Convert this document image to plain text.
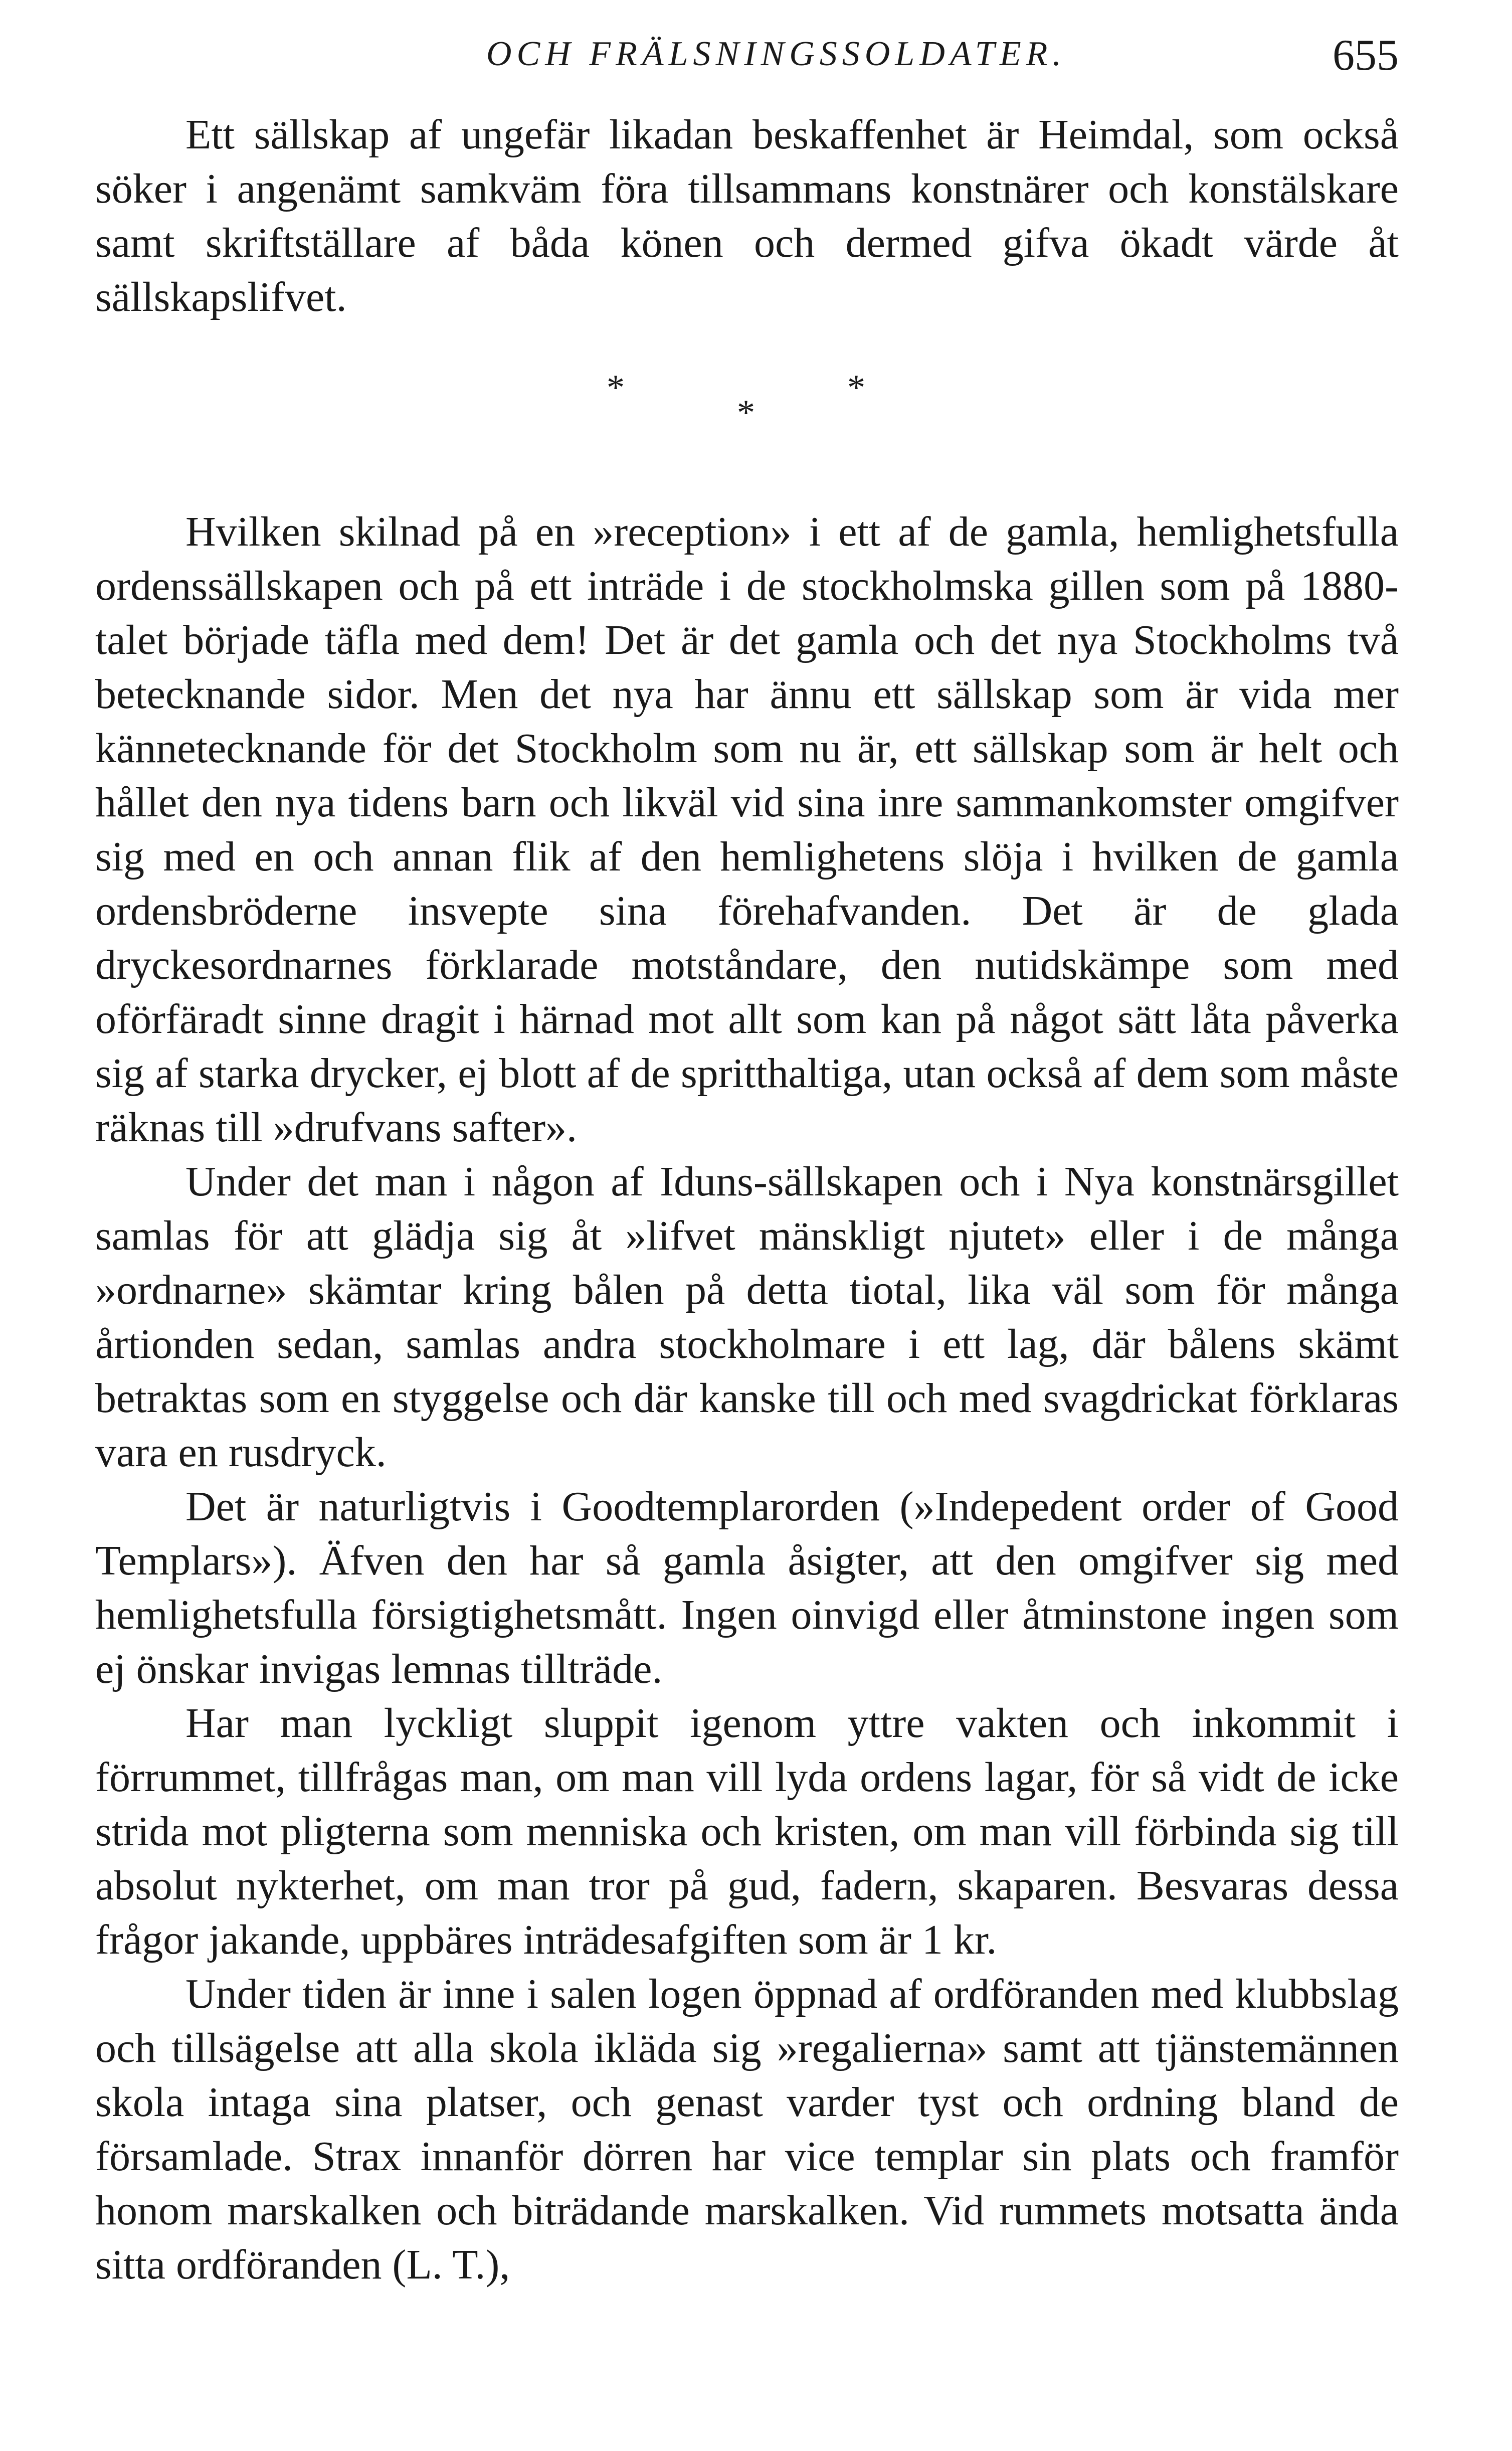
OCH FRÄLSNINGSSOLDATER.	655

Ett sällskap af ungefär likadan beskaffenhet är Heimdal, som också söker i angenämt samkväm föra tillsammans konstnärer och konstälskare samt skriftställare af båda könen och dermed gifva ökadt värde åt sällskapslifvet.

*
*
*

Hvilken skilnad på en »reception» i ett af de gamla, hemlighetsfulla ordenssällskapen och på ett inträde i de stockholmska gillen som på 1880-talet började täfla med dem! Det är det gamla och det nya Stockholms två betecknande sidor. Men det nya har ännu ett sällskap som är vida mer kännetecknande för det Stockholm som nu är, ett sällskap som är helt och hållet den nya tidens barn och likväl vid sina inre sammankomster omgifver sig med en och annan flik af den hemlighetens slöja i hvilken de gamla ordensbröderne insvepte sina förehafvanden. Det är de glada dryckesordnarnes förklarade motståndare, den nutidskämpe som med oförfäradt sinne dragit i härnad mot allt som kan på något sätt låta påverka sig af starka drycker, ej blott af de spritthaltiga, utan också af dem som måste räknas till »drufvans safter».

Under det man i någon af Iduns-sällskapen och i Nya konstnärsgillet samlas för att glädja sig åt »lifvet mänskligt njutet» eller i de många »ordnarne» skämtar kring bålen på detta tiotal, lika väl som för många årtionden sedan, samlas andra stockholmare i ett lag, där bålens skämt betraktas som en styggelse och där kanske till och med svagdrickat förklaras vara en rusdryck.

Det är naturligtvis i Goodtemplarorden (»Indepedent order of Good Templars»). Äfven den har så gamla åsigter, att den omgifver sig med hemlighetsfulla försigtighetsmått. Ingen oinvigd eller åtminstone ingen som ej önskar invigas lemnas tillträde.

Har man lyckligt sluppit igenom yttre vakten och inkommit i förrummet, tillfrågas man, om man vill lyda ordens lagar, för så vidt de icke strida mot pligterna som menniska och kristen, om man vill förbinda sig till absolut nykterhet, om man tror på gud, fadern, skaparen. Besvaras dessa frågor jakande, uppbäres inträdesafgiften som är 1 kr.

Under tiden är inne i salen logen öppnad af ordföranden med klubbslag och tillsägelse att alla skola ikläda sig »regalierna» samt att tjänstemännen skola intaga sina platser, och genast varder tyst och ordning bland de församlade. Strax innanför dörren har vice templar sin plats och framför honom marskalken och biträdande marskalken. Vid rummets motsatta ända sitta ordföranden (L. T.),
